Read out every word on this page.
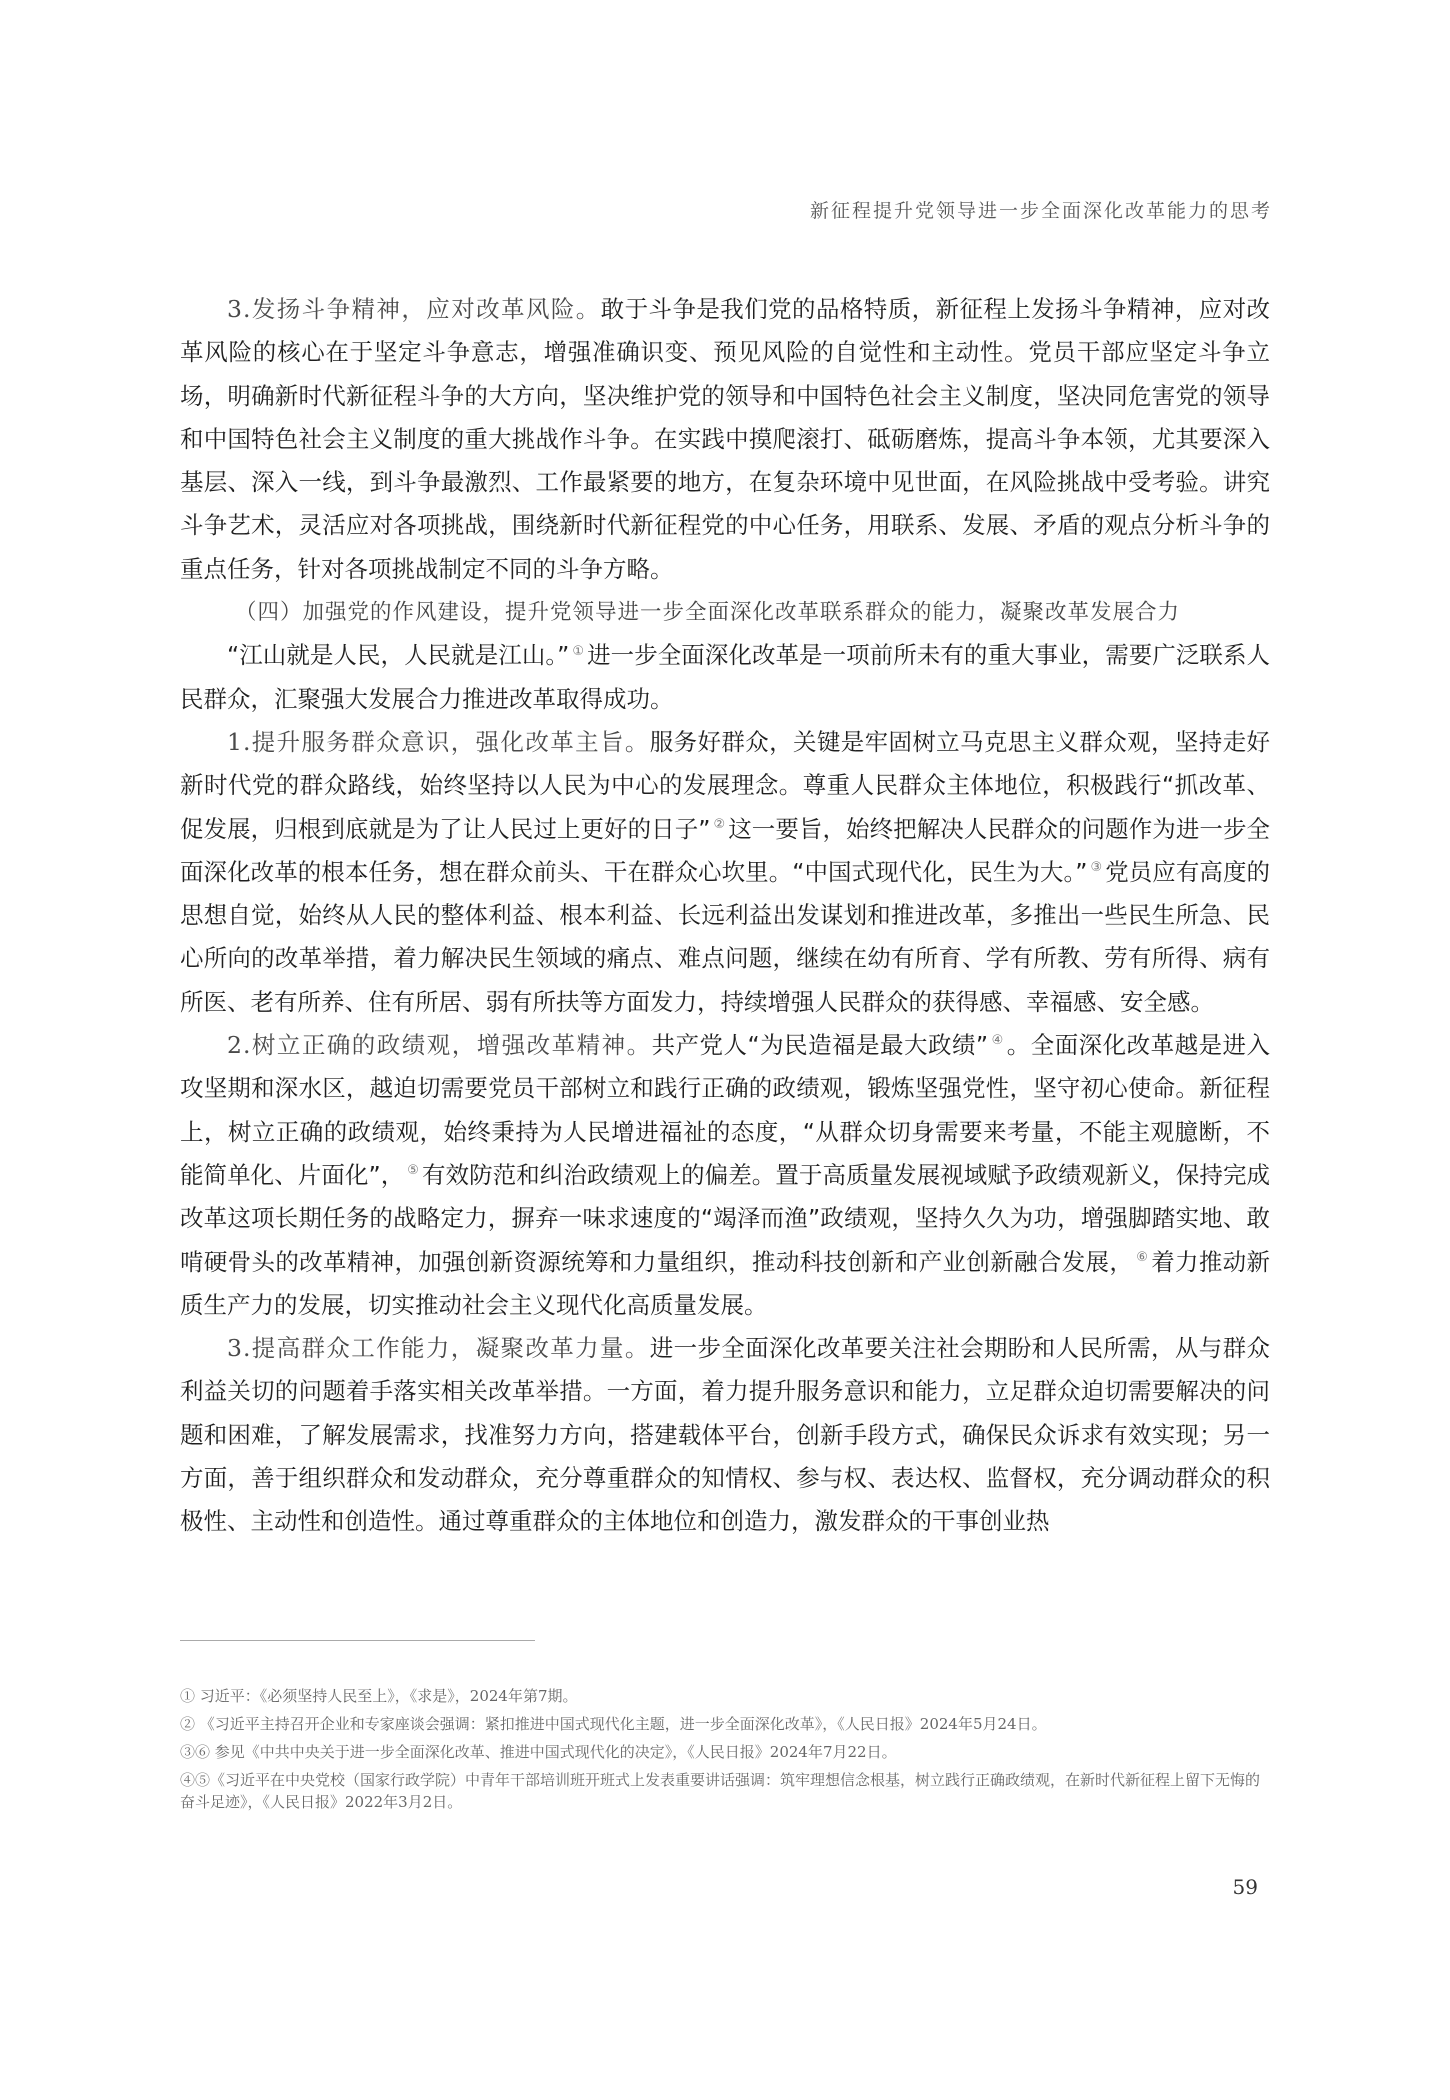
新征程提升党领导进一步全面深化改革能力的思考

3.发扬斗争精神，应对改革风险。敢于斗争是我们党的品格特质，新征程上发扬斗争精神，应对改革风险的核心在于坚定斗争意志，增强准确识变、预见风险的自觉性和主动性。党员干部应坚定斗争立场，明确新时代新征程斗争的大方向，坚决维护党的领导和中国特色社会主义制度，坚决同危害党的领导和中国特色社会主义制度的重大挑战作斗争。在实践中摸爬滚打、砥砺磨炼，提高斗争本领，尤其要深入基层、深入一线，到斗争最激烈、工作最紧要的地方，在复杂环境中见世面，在风险挑战中受考验。讲究斗争艺术，灵活应对各项挑战，围绕新时代新征程党的中心任务，用联系、发展、矛盾的观点分析斗争的重点任务，针对各项挑战制定不同的斗争方略。

（四）加强党的作风建设，提升党领导进一步全面深化改革联系群众的能力，凝聚改革发展合力

“江山就是人民，人民就是江山。” ① 进一步全面深化改革是一项前所未有的重大事业，需要广泛联系人民群众，汇聚强大发展合力推进改革取得成功。

1.提升服务群众意识，强化改革主旨。服务好群众，关键是牢固树立马克思主义群众观，坚持走好新时代党的群众路线，始终坚持以人民为中心的发展理念。尊重人民群众主体地位，积极践行“抓改革、促发展，归根到底就是为了让人民过上更好的日子” ② 这一要旨，始终把解决人民群众的问题作为进一步全面深化改革的根本任务，想在群众前头、干在群众心坎里。“中国式现代化，民生为大。” ③ 党员应有高度的思想自觉，始终从人民的整体利益、根本利益、长远利益出发谋划和推进改革，多推出一些民生所急、民心所向的改革举措，着力解决民生领域的痛点、难点问题，继续在幼有所育、学有所教、劳有所得、病有所医、老有所养、住有所居、弱有所扶等方面发力，持续增强人民群众的获得感、幸福感、安全感。

2.树立正确的政绩观，增强改革精神。共产党人“为民造福是最大政绩” ④ 。全面深化改革越是进入攻坚期和深水区，越迫切需要党员干部树立和践行正确的政绩观，锻炼坚强党性，坚守初心使命。新征程上，树立正确的政绩观，始终秉持为人民增进福祉的态度，“从群众切身需要来考量，不能主观臆断，不能简单化、片面化”， ⑤ 有效防范和纠治政绩观上的偏差。置于高质量发展视域赋予政绩观新义，保持完成改革这项长期任务的战略定力，摒弃一味求速度的“竭泽而渔”政绩观，坚持久久为功，增强脚踏实地、敢啃硬骨头的改革精神，加强创新资源统筹和力量组织，推动科技创新和产业创新融合发展， ⑥ 着力推动新质生产力的发展，切实推动社会主义现代化高质量发展。

3.提高群众工作能力，凝聚改革力量。进一步全面深化改革要关注社会期盼和人民所需，从与群众利益关切的问题着手落实相关改革举措。一方面，着力提升服务意识和能力，立足群众迫切需要解决的问题和困难，了解发展需求，找准努力方向，搭建载体平台，创新手段方式，确保民众诉求有效实现；另一方面，善于组织群众和发动群众，充分尊重群众的知情权、参与权、表达权、监督权，充分调动群众的积极性、主动性和创造性。通过尊重群众的主体地位和创造力，激发群众的干事创业热

① 习近平：《必须坚持人民至上》，《求是》，2024年第7期。

② 《习近平主持召开企业和专家座谈会强调：紧扣推进中国式现代化主题，进一步全面深化改革》，《人民日报》2024年5月24日。

③⑥ 参见《中共中央关于进一步全面深化改革、推进中国式现代化的决定》，《人民日报》2024年7月22日。

④⑤《习近平在中央党校（国家行政学院）中青年干部培训班开班式上发表重要讲话强调：筑牢理想信念根基，树立践行正确政绩观，在新时代新征程上留下无悔的奋斗足迹》，《人民日报》2022年3月2日。

59
